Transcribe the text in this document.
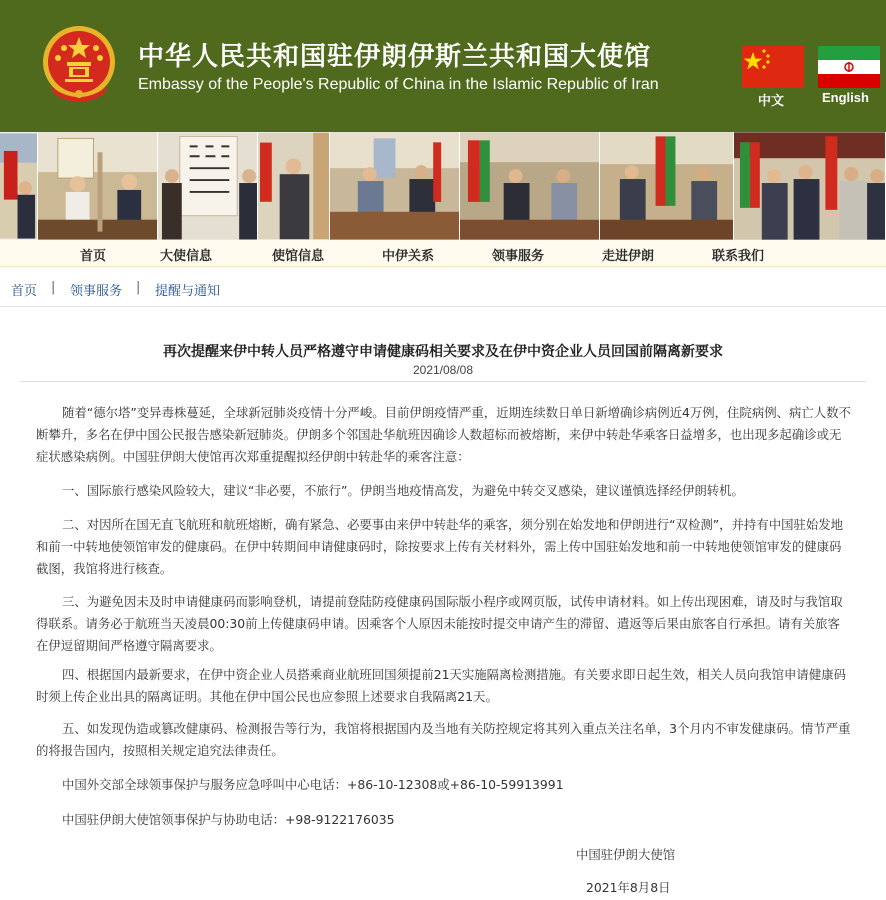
中华人民共和国驻伊朗伊斯兰共和国大使馆
Embassy of the People's Republic of China in the Islamic Republic of Iran
中文	English
首页	大使信息	使馆信息	中伊关系	领事服务	走进伊朗	联系我们
首页 | 领事服务 | 提醒与通知
再次提醒来伊中转人员严格遵守申请健康码相关要求及在伊中资企业人员回国前隔离新要求
2021/08/08

随着“德尔塔”变异毒株蔓延，全球新冠肺炎疫情十分严峻。目前伊朗疫情严重，近期连续数日单日新增确诊病例近4万例，住院病例、病亡人数不断攀升，多名在伊中国公民报告感染新冠肺炎。伊朗多个邻国赴华航班因确诊人数超标而被熔断，来伊中转赴华乘客日益增多，也出现多起确诊或无症状感染病例。中国驻伊朗大使馆再次郑重提醒拟经伊朗中转赴华的乘客注意：

一、国际旅行感染风险较大，建议“非必要，不旅行”。伊朗当地疫情高发，为避免中转交叉感染，建议谨慎选择经伊朗转机。

二、对因所在国无直飞航班和航班熔断，确有紧急、必要事由来伊中转赴华的乘客，须分别在始发地和伊朗进行“双检测”，并持有中国驻始发地和前一中转地使领馆审发的健康码。在伊中转期间申请健康码时，除按要求上传有关材料外，需上传中国驻始发地和前一中转地使领馆审发的健康码截图，我馆将进行核查。

三、为避免因未及时申请健康码而影响登机，请提前登陆防疫健康码国际版小程序或网页版，试传申请材料。如上传出现困难，请及时与我馆取得联系。请务必于航班当天凌晨00:30前上传健康码申请。因乘客个人原因未能按时提交申请产生的滞留、遣返等后果由旅客自行承担。请有关旅客在伊逗留期间严格遵守隔离要求。

四、根据国内最新要求，在伊中资企业人员搭乘商业航班回国须提前21天实施隔离检测措施。有关要求即日起生效，相关人员向我馆申请健康码时须上传企业出具的隔离证明。其他在伊中国公民也应参照上述要求自我隔离21天。

五、如发现伪造或篡改健康码、检测报告等行为，我馆将根据国内及当地有关防控规定将其列入重点关注名单，3个月内不审发健康码。情节严重的将报告国内，按照相关规定追究法律责任。

中国外交部全球领事保护与服务应急呼叫中心电话：+86-10-12308或+86-10-59913991
中国驻伊朗大使馆领事保护与协助电话：+98-9122176035
中国驻伊朗大使馆
2021年8月8日
